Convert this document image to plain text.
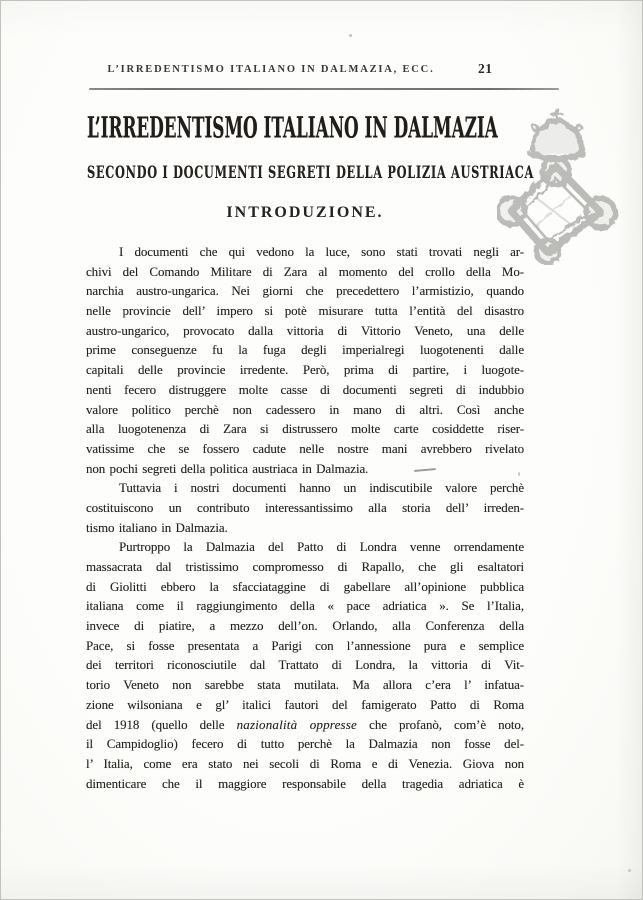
L’IRREDENTISMO ITALIANO IN DALMAZIA, ECC.	21
L’IRREDENTISMO ITALIANO IN DALMAZIA
SECONDO I DOCUMENTI SEGRETI DELLA POLIZIA AUSTRIACA
INTRODUZIONE.
I documenti che qui vedono la luce, sono stati trovati negli ar-
chivi del Comando Militare di Zara al momento del crollo della Mo-
narchia austro-ungarica. Nei giorni che precedettero l’armistizio, quando
nelle provincie dell’ impero si potè misurare tutta l’entità del disastro
austro-ungarico, provocato dalla vittoria di Vittorio Veneto, una delle
prime conseguenze fu la fuga degli imperialregi luogotenenti dalle
capitali delle provincie irredente. Però, prima di partire, i luogote-
nenti fecero distruggere molte casse di documenti segreti di indubbio
valore politico perchè non cadessero in mano di altri. Così anche
alla luogotenenza di Zara si distrussero molte carte cosiddette riser-
vatissime che se fossero cadute nelle nostre mani avrebbero rivelato
non pochi segreti della politica austriaca in Dalmazia.
Tuttavia i nostri documenti hanno un indiscutibile valore perchè
costituiscono un contributo interessantissimo alla storia dell’ irreden-
tismo italiano in Dalmazia.
Purtroppo la Dalmazia del Patto di Londra venne orrendamente
massacrata dal tristissimo compromesso di Rapallo, che gli esaltatori
di Giolitti ebbero la sfacciataggine di gabellare all’opinione pubblica
italiana come il raggiungimento della « pace adriatica ». Se l’Italia,
invece di piatire, a mezzo dell’on. Orlando, alla Conferenza della
Pace, si fosse presentata a Parigi con l’annessione pura e semplice
dei territori riconosciutile dal Trattato di Londra, la vittoria di Vit-
torio Veneto non sarebbe stata mutilata. Ma allora c’era l’ infatua-
zione wilsoniana e gl’ italici fautori del famigerato Patto di Roma
del 1918 (quello delle nazionalità oppresse che profanò, com’è noto,
il Campidoglio) fecero di tutto perchè la Dalmazia non fosse del-
l’ Italia, come era stato nei secoli di Roma e di Venezia. Giova non
dimenticare che il maggiore responsabile della tragedia adriatica è
